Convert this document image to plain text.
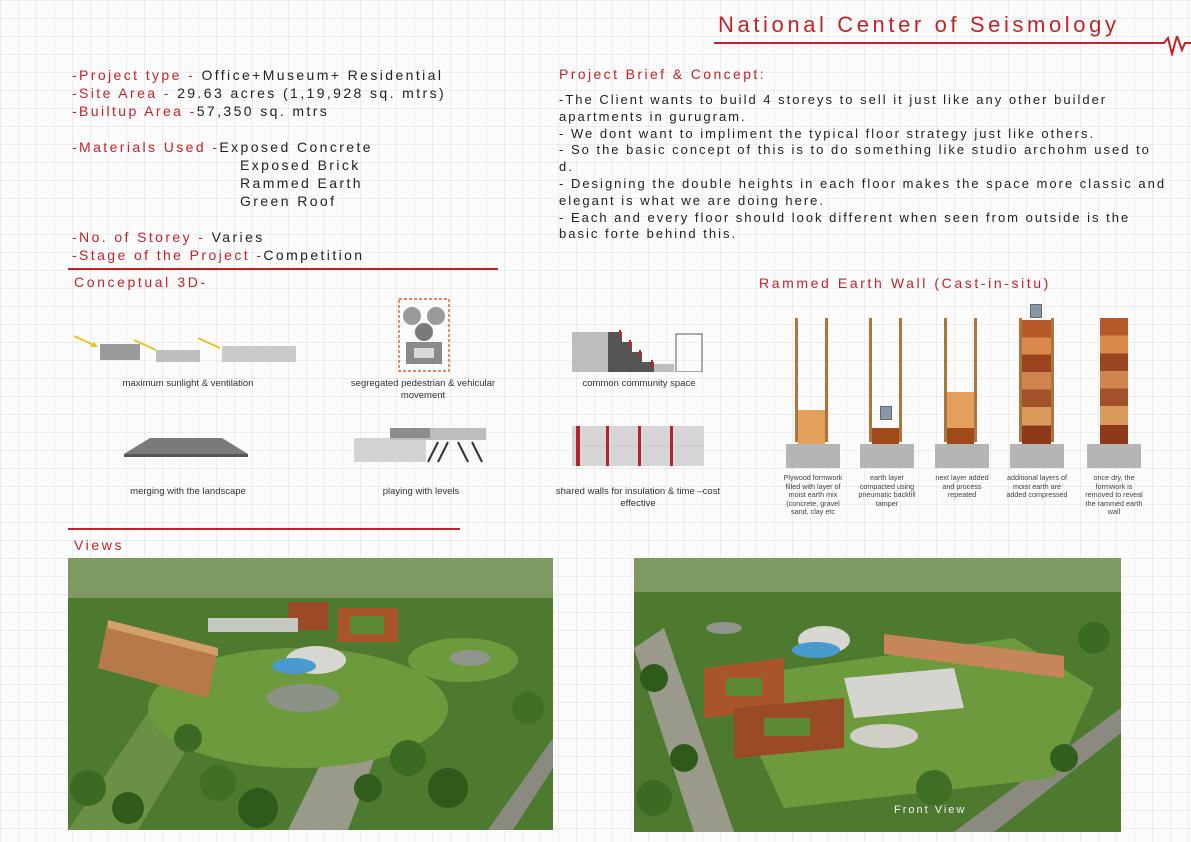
National Center of Seismology
-Project type - Office+Museum+ Residential
-Site Area - 29.63 acres (1,19,928 sq. mtrs)
-Builtup Area -57,350 sq. mtrs
-Materials Used -Exposed Concrete
Exposed Brick
Rammed Earth
Green Roof
-No. of Storey - Varies
-Stage of the Project -Competition
Project Brief & Concept:

-The Client wants to build 4 storeys to sell it just like any other builder apartments in gurugram.

- We dont want to impliment the typical floor strategy just like others.

- So the basic concept of this is to do something like studio archohm used to d.

- Designing the double heights in each floor makes the space more classic and elegant is what we are doing here.

- Each and every floor should look different when seen from outside is the basic forte behind this.

Conceptual 3D-
maximum sunlight & ventilation	segregated pedestrian & vehicular movement
common community space
merging with the landscape	playing with levels	shared walls for insulation & time –cost effective
Rammed Earth Wall (Cast-in-situ)
Plywood formwork filled with layer of moist earth mix (concrete, gravel sand, clay etc
earth layer compacted using pneumatic backfill tamper
next layer added and process repeated
additional layers of moist earth are added compressed
once dry, the formwork is removed to reveal the rammed earth wall
Views
Front View
